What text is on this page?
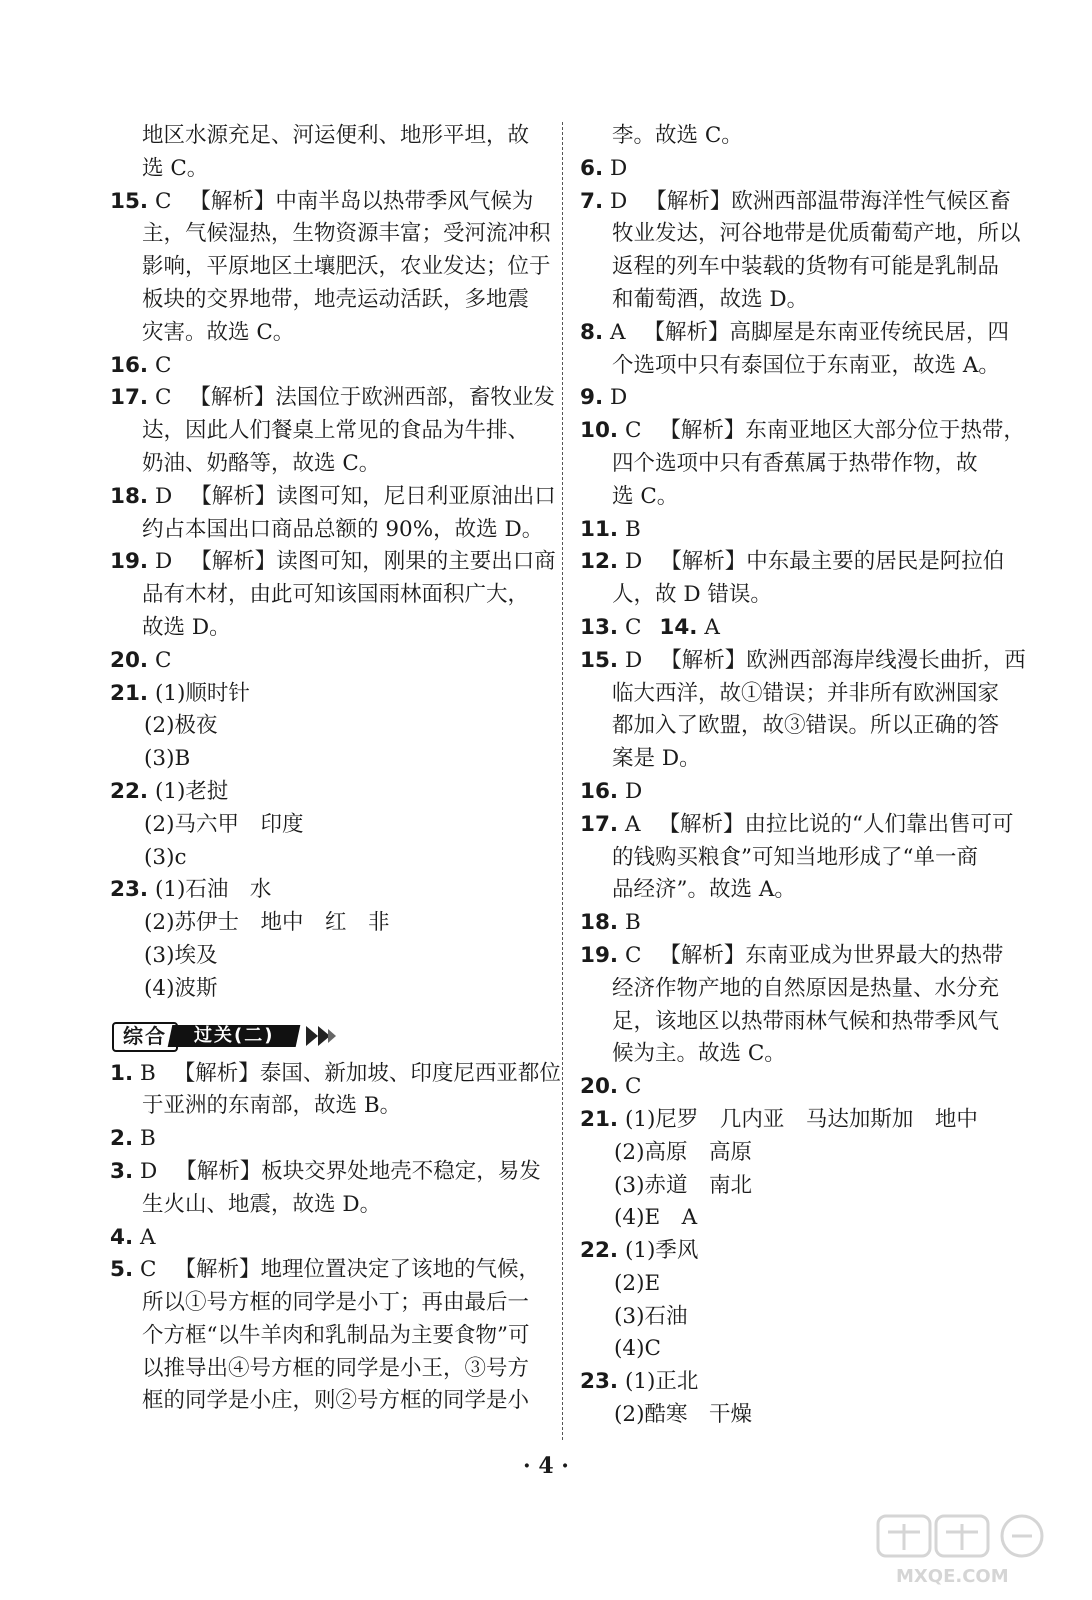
地区水源充足、河运便利、地形平坦，故
选 C。
15. C 【解析】中南半岛以热带季风气候为
主，气候湿热，生物资源丰富；受河流冲积
影响，平原地区土壤肥沃，农业发达；位于
板块的交界地带，地壳运动活跃，多地震
灾害。故选 C。
16. C
17. C 【解析】法国位于欧洲西部，畜牧业发
达，因此人们餐桌上常见的食品为牛排、
奶油、奶酪等，故选 C。
18. D 【解析】读图可知，尼日利亚原油出口
约占本国出口商品总额的 90%，故选 D。
19. D 【解析】读图可知，刚果的主要出口商
品有木材，由此可知该国雨林面积广大，
故选 D。
20. C
21. (1)顺时针
(2)极夜
(3)B
22. (1)老挝
(2)马六甲　印度
(3)c
23. (1)石油　水
(2)苏伊士　地中　红　非
(3)埃及
(4)波斯
综合	过关(二)
1. B 【解析】泰国、新加坡、印度尼西亚都位
于亚洲的东南部，故选 B。
2. B
3. D 【解析】板块交界处地壳不稳定，易发
生火山、地震，故选 D。
4. A
5. C 【解析】地理位置决定了该地的气候，
所以①号方框的同学是小丁；再由最后一
个方框“以牛羊肉和乳制品为主要食物”可
以推导出④号方框的同学是小王，③号方
框的同学是小庄，则②号方框的同学是小
李。故选 C。
6. D
7. D 【解析】欧洲西部温带海洋性气候区畜
牧业发达，河谷地带是优质葡萄产地，所以
返程的列车中装载的货物有可能是乳制品
和葡萄酒，故选 D。
8. A 【解析】高脚屋是东南亚传统民居，四
个选项中只有泰国位于东南亚，故选 A。
9. D
10. C 【解析】东南亚地区大部分位于热带，
四个选项中只有香蕉属于热带作物，故
选 C。
11. B
12. D 【解析】中东最主要的居民是阿拉伯
人，故 D 错误。
13. C 14. A
15. D 【解析】欧洲西部海岸线漫长曲折，西
临大西洋，故①错误；并非所有欧洲国家
都加入了欧盟，故③错误。所以正确的答
案是 D。
16. D
17. A 【解析】由拉比说的“人们靠出售可可
的钱购买粮食”可知当地形成了“单一商
品经济”。故选 A。
18. B
19. C 【解析】东南亚成为世界最大的热带
经济作物产地的自然原因是热量、水分充
足，该地区以热带雨林气候和热带季风气
候为主。故选 C。
20. C
21. (1)尼罗　几内亚　马达加斯加　地中
(2)高原　高原
(3)赤道　南北
(4)E　A
22. (1)季风
(2)E
(3)石油
(4)C
23. (1)正北
(2)酷寒　干燥
· 4 ·
MXQE.COM
